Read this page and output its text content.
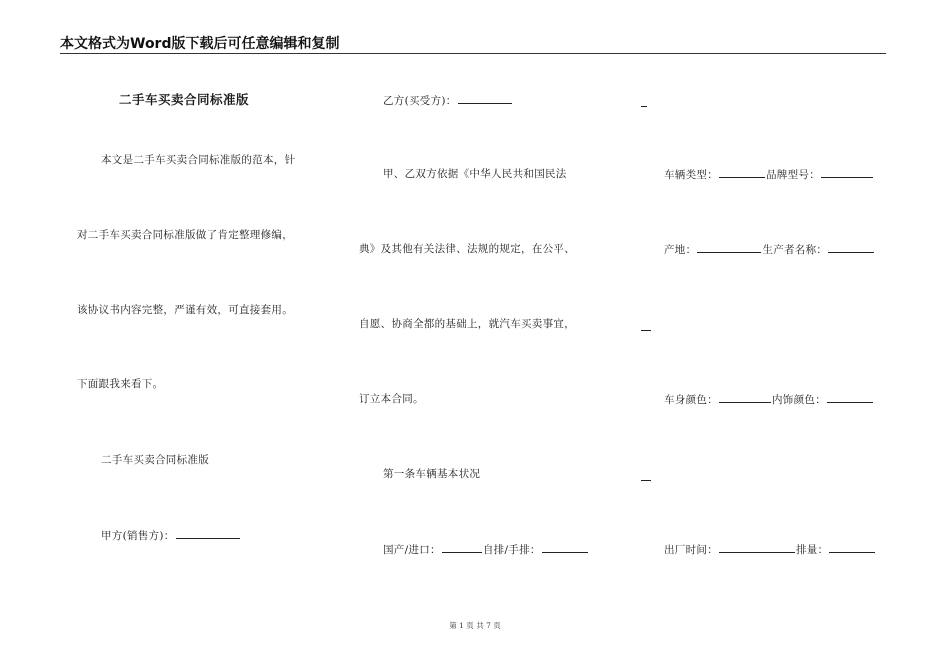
本文格式为Word版下载后可任意编辑和复制
二手车买卖合同标准版
本文是二手车买卖合同标准版的范本，针
对二手车买卖合同标准版做了肯定整理修编，
该协议书内容完整，严谨有效，可直接套用。
下面跟我来看下。
二手车买卖合同标准版
甲方(销售方)：
乙方(买受方)：
甲、乙双方依据《中华人民共和国民法
典》及其他有关法律、法规的规定，在公平、
自愿、协商全都的基础上，就汽车买卖事宜，
订立本合同。
第一条车辆基本状况
国产/进口：	自排/手排：
车辆类型：	品牌型号：
产地：	生产者名称：
车身颜色：	内饰颜色：
出厂时间：	排量：
第 1 页 共 7 页
